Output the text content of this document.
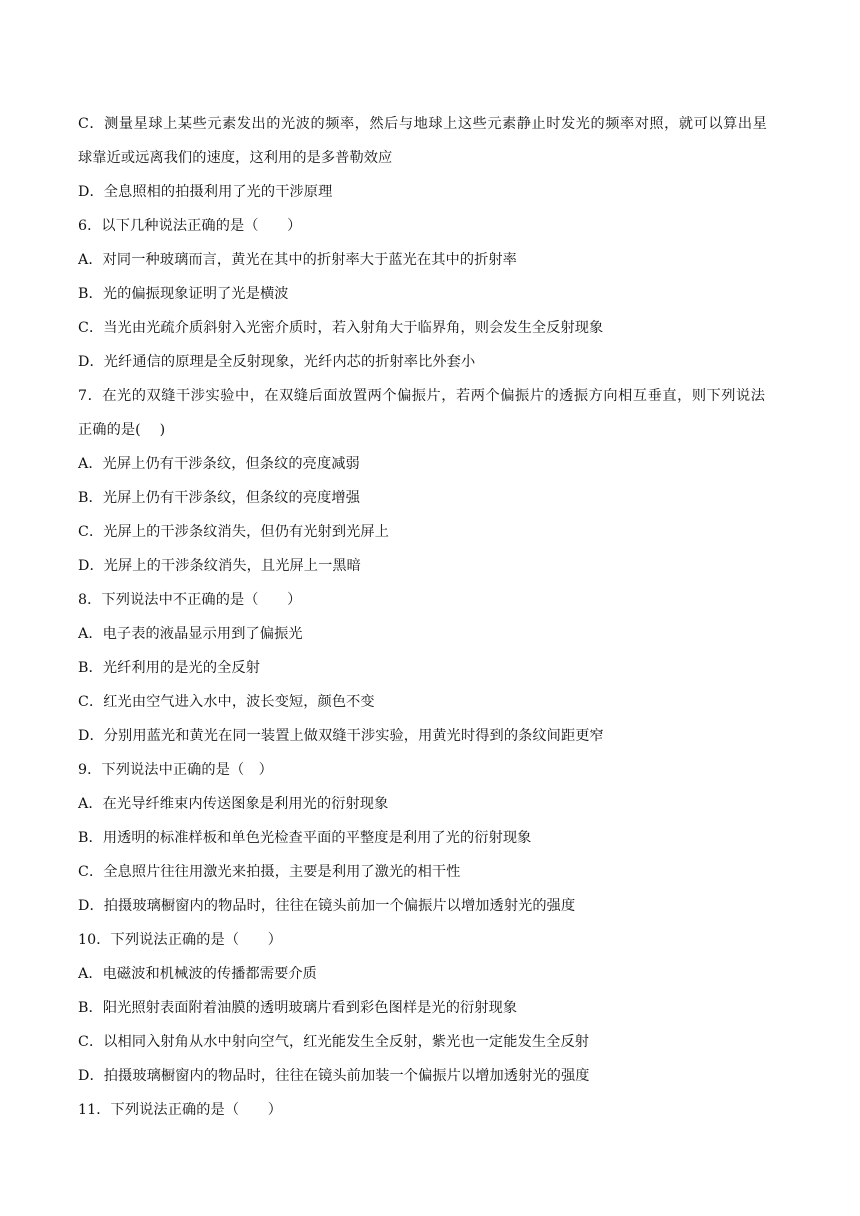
C．测量星球上某些元素发出的光波的频率，然后与地球上这些元素静止时发光的频率对照，就可以算出星
球靠近或远离我们的速度，这利用的是多普勒效应
D．全息照相的拍摄利用了光的干涉原理
6．以下几种说法正确的是（　　）
A．对同一种玻璃而言，黄光在其中的折射率大于蓝光在其中的折射率
B．光的偏振现象证明了光是横波
C．当光由光疏介质斜射入光密介质时，若入射角大于临界角，则会发生全反射现象
D．光纤通信的原理是全反射现象，光纤内芯的折射率比外套小
7．在光的双缝干涉实验中，在双缝后面放置两个偏振片，若两个偏振片的透振方向相互垂直，则下列说法
正确的是(　 )
A．光屏上仍有干涉条纹，但条纹的亮度减弱
B．光屏上仍有干涉条纹，但条纹的亮度增强
C．光屏上的干涉条纹消失，但仍有光射到光屏上
D．光屏上的干涉条纹消失，且光屏上一黑暗
8．下列说法中不正确的是（　　）
A．电子表的液晶显示用到了偏振光
B．光纤利用的是光的全反射
C．红光由空气进入水中，波长变短，颜色不变
D．分别用蓝光和黄光在同一装置上做双缝干涉实验，用黄光时得到的条纹间距更窄
9．下列说法中正确的是（　）
A．在光导纤维束内传送图象是利用光的衍射现象
B．用透明的标准样板和单色光检查平面的平整度是利用了光的衍射现象
C．全息照片往往用激光来拍摄，主要是利用了激光的相干性
D．拍摄玻璃橱窗内的物品时，往往在镜头前加一个偏振片以增加透射光的强度
10．下列说法正确的是（　　）
A．电磁波和机械波的传播都需要介质
B．阳光照射表面附着油膜的透明玻璃片看到彩色图样是光的衍射现象
C．以相同入射角从水中射向空气，红光能发生全反射，紫光也一定能发生全反射
D．拍摄玻璃橱窗内的物品时，往往在镜头前加装一个偏振片以增加透射光的强度
11．下列说法正确的是（　　）
